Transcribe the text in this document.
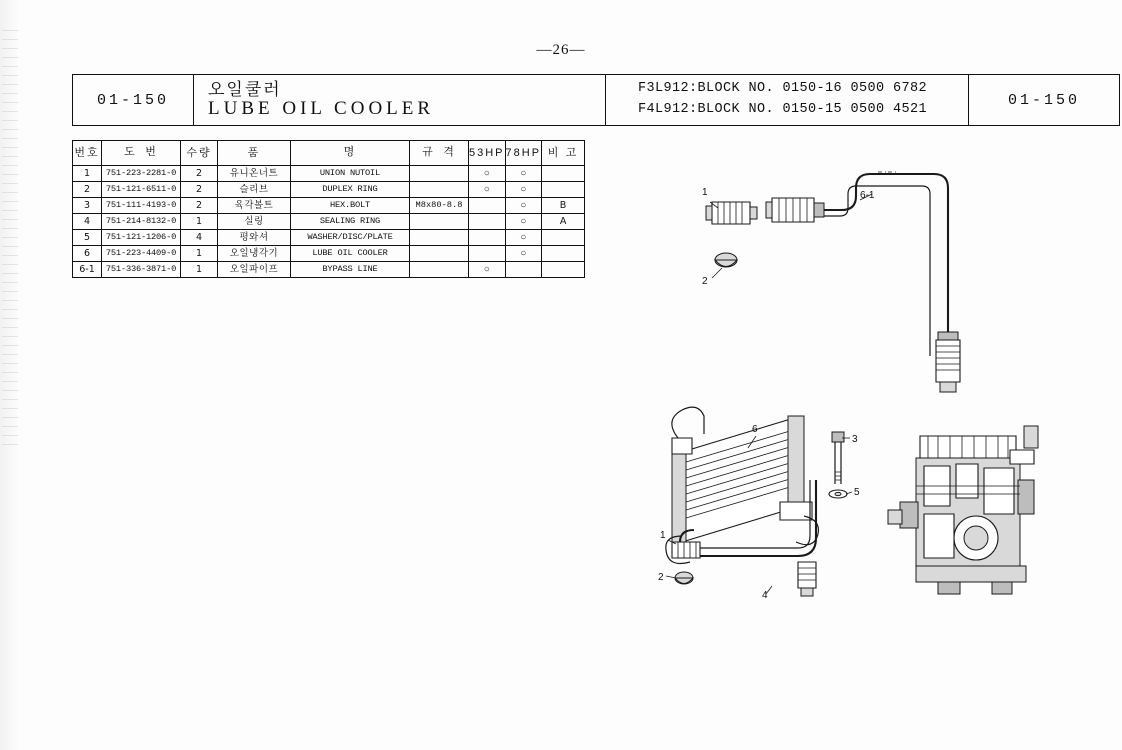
—26—
01-150
오일쿨러
LUBE OIL COOLER
F3L912:BLOCK NO. 0150-16 0500 6782
F4L912:BLOCK NO. 0150-15 0500 4521
01-150
번호	도 번	수량	품	명	규 격	53HP	78HP	비 고
1	751-223-2281-0	2	유니온너트	UNION NUTOIL		○	○	
2	751-121-6511-0	2	슬리브	DUPLEX RING		○	○	
3	751-111-4193-0	2	육각볼트	HEX.BOLT	M8x80-8.8		○	B
4	751-214-8132-0	1	실링	SEALING RING			○	A
5	751-121-1206-0	4	평와셔	WASHER/DISC/PLATE			○	
6	751-223-4409-0	1	오일냉각기	LUBE OIL COOLER			○	
6-1	751-336-3871-0	1	오일파이프	BYPASS LINE		○		
1
2
6-1
6
3
5
1
2
4
